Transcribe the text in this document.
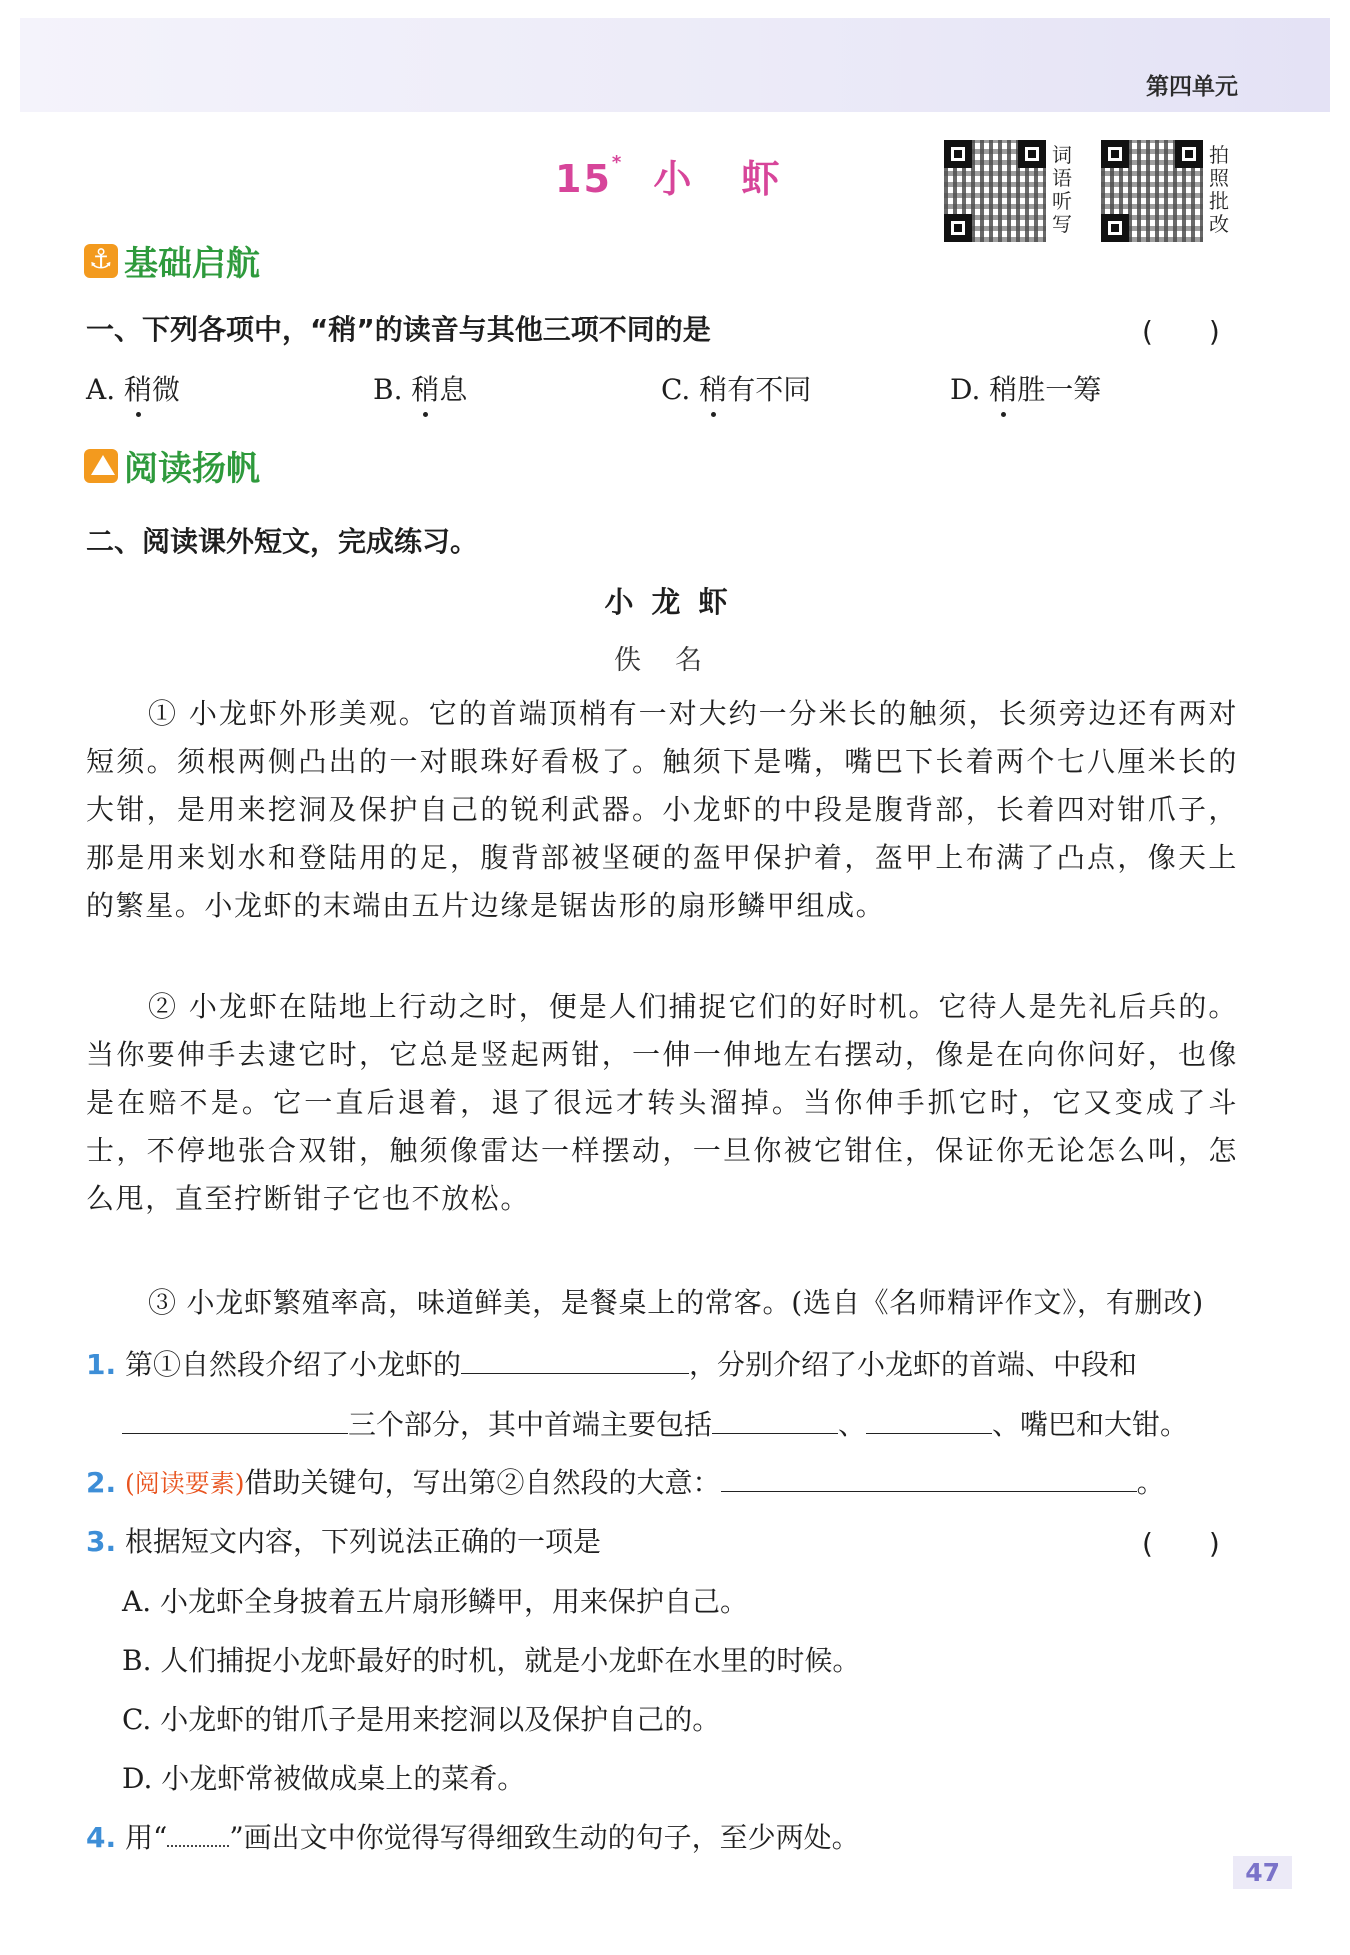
第四单元
15* 小 虾
词语听写
拍照批改
⚓ 基础启航
一、下列各项中，“稍”的读音与其他三项不同的是	(　　)
A. 稍微	B. 稍息	C. 稍有不同	D. 稍胜一筹
阅读扬帆
二、阅读课外短文，完成练习。
小龙虾
佚名
① 小龙虾外形美观。它的首端顶梢有一对大约一分米长的触须，长须旁边还有两对短须。须根两侧凸出的一对眼珠好看极了。触须下是嘴，嘴巴下长着两个七八厘米长的大钳，是用来挖洞及保护自己的锐利武器。小龙虾的中段是腹背部，长着四对钳爪子，那是用来划水和登陆用的足，腹背部被坚硬的盔甲保护着，盔甲上布满了凸点，像天上的繁星。小龙虾的末端由五片边缘是锯齿形的扇形鳞甲组成。
② 小龙虾在陆地上行动之时，便是人们捕捉它们的好时机。它待人是先礼后兵的。当你要伸手去逮它时，它总是竖起两钳，一伸一伸地左右摆动，像是在向你问好，也像是在赔不是。它一直后退着，退了很远才转头溜掉。当你伸手抓它时，它又变成了斗士，不停地张合双钳，触须像雷达一样摆动，一旦你被它钳住，保证你无论怎么叫，怎么甩，直至拧断钳子它也不放松。
③ 小龙虾繁殖率高，味道鲜美，是餐桌上的常客。(选自《名师精评作文》，有删改)
1. 第①自然段介绍了小龙虾的	，分别介绍了小龙虾的首端、中段和
三个部分，其中首端主要包括	、	、嘴巴和大钳。
2. (阅读要素)借助关键句，写出第②自然段的大意：	。
3. 根据短文内容，下列说法正确的一项是	(　　)
A. 小龙虾全身披着五片扇形鳞甲，用来保护自己。
B. 人们捕捉小龙虾最好的时机，就是小龙虾在水里的时候。
C. 小龙虾的钳爪子是用来挖洞以及保护自己的。
D. 小龙虾常被做成桌上的菜肴。
4. 用“ ”画出文中你觉得写得细致生动的句子，至少两处。
47
